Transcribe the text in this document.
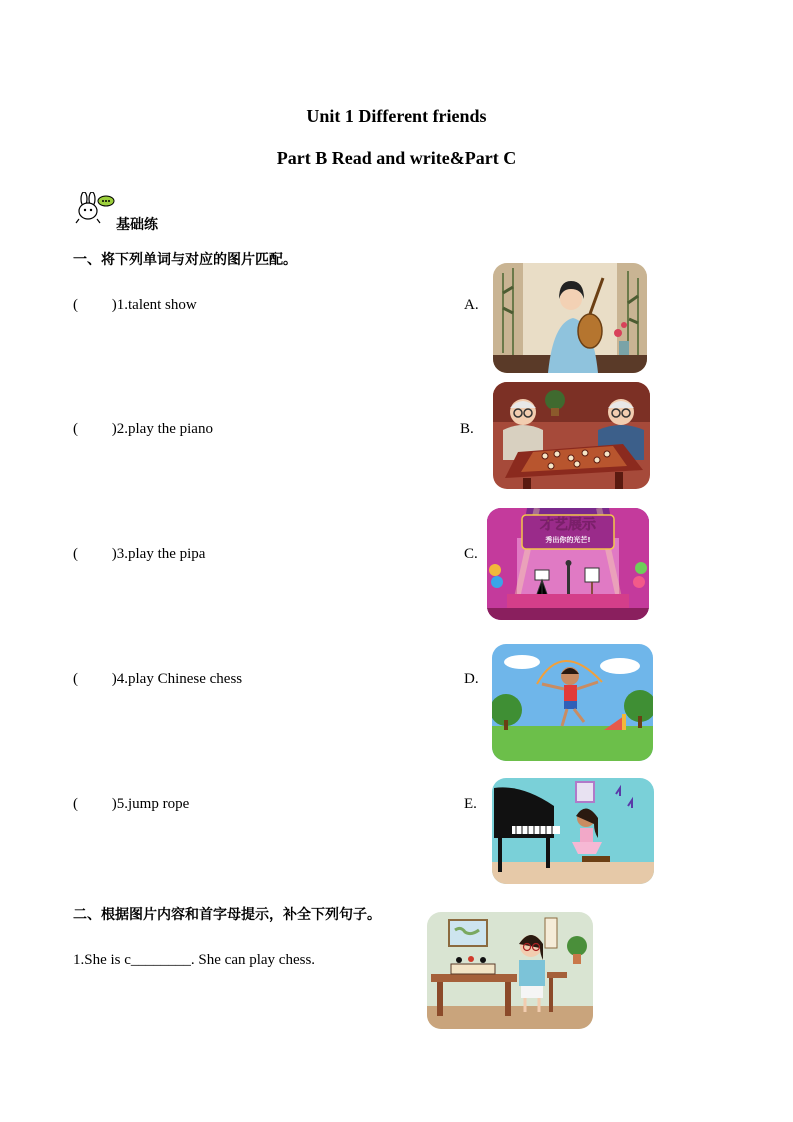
Unit 1 Different friends
Part B Read and write&Part C
基础练
一、将下列单词与对应的图片匹配。
(         )1.talent show
(         )2.play the piano
(         )3.play the pipa
(         )4.play Chinese chess
(         )5.jump rope
A.
B.
C.
D.
E.
才艺展示
秀出你的光芒!
二、根据图片内容和首字母提示，补全下列句子。
1.She is c________. She can play chess.
